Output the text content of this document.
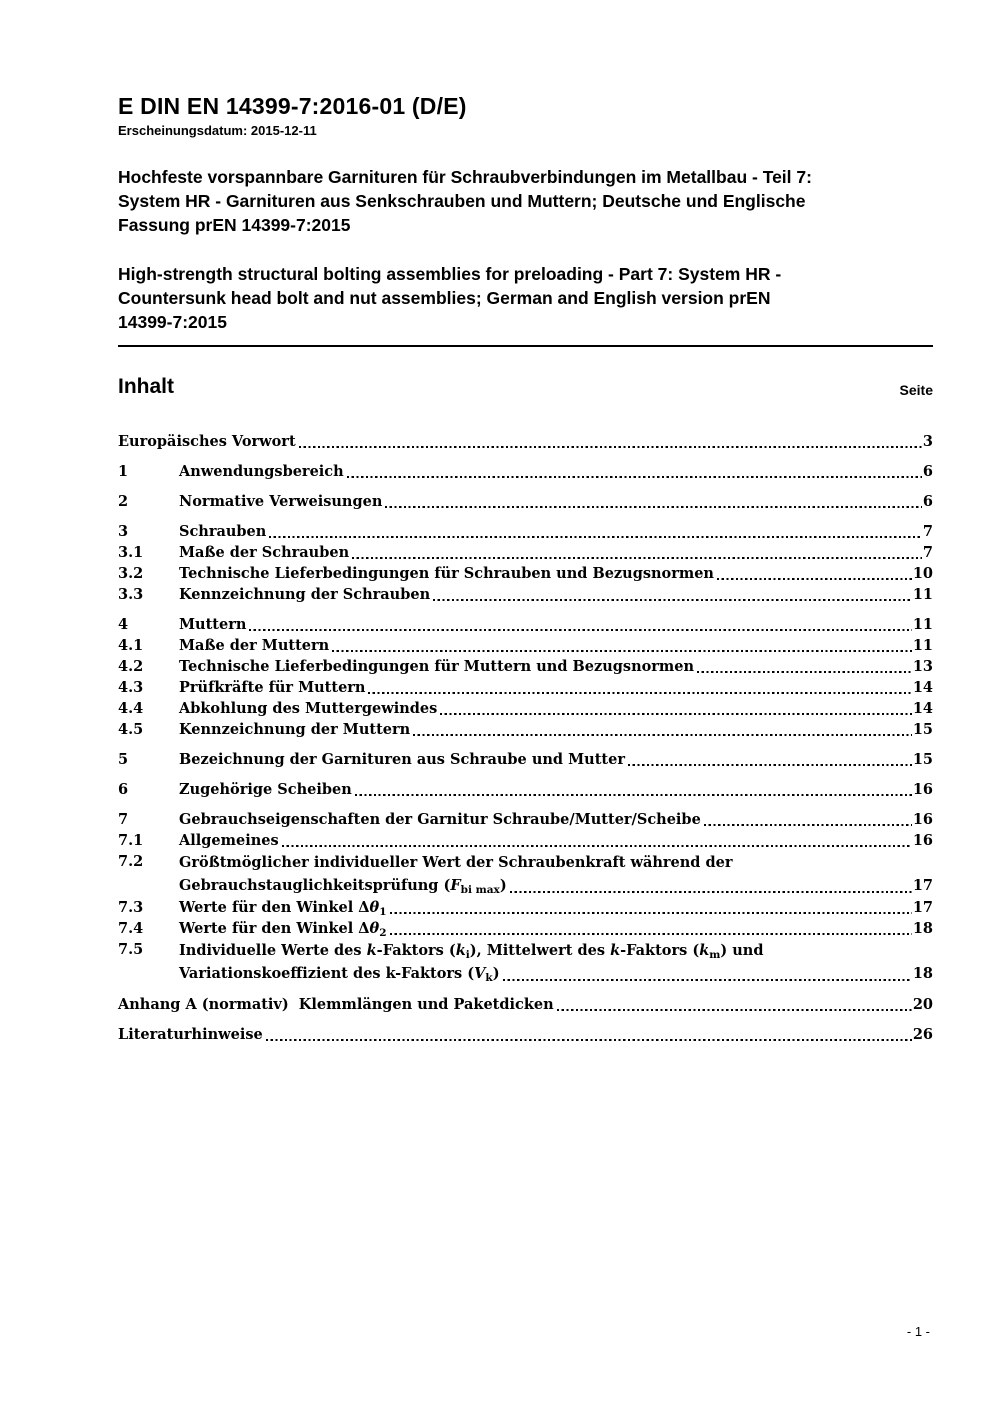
E DIN EN 14399-7:2016-01 (D/E)
Erscheinungsdatum: 2015-12-11
Hochfeste vorspannbare Garnituren für Schraubverbindungen im Metallbau - Teil 7:
System HR - Garnituren aus Senkschrauben und Muttern; Deutsche und Englische
Fassung prEN 14399-7:2015
High-strength structural bolting assemblies for preloading - Part 7: System HR -
Countersunk head bolt and nut assemblies; German and English version prEN
14399-7:2015
Inhalt	Seite
Europäisches Vorwort	3
1	Anwendungsbereich	6
2	Normative Verweisungen	6
3	Schrauben	7
3.1	Maße der Schrauben	7
3.2	Technische Lieferbedingungen für Schrauben und Bezugsnormen	10
3.3	Kennzeichnung der Schrauben	11
4	Muttern	11
4.1	Maße der Muttern	11
4.2	Technische Lieferbedingungen für Muttern und Bezugsnormen	13
4.3	Prüfkräfte für Muttern	14
4.4	Abkohlung des Muttergewindes	14
4.5	Kennzeichnung der Muttern	15
5	Bezeichnung der Garnituren aus Schraube und Mutter	15
6	Zugehörige Scheiben	16
7	Gebrauchseigenschaften der Garnitur Schraube/Mutter/Scheibe	16
7.1	Allgemeines	16
7.2	Größtmöglicher individueller Wert der Schraubenkraft während der
Gebrauchstauglichkeitsprüfung $(F_{bi max})$	17
7.3	Werte für den Winkel $\Delta\theta_1$	17
7.4	Werte für den Winkel $\Delta\theta_2$	18
7.5	Individuelle Werte des k-Faktors $(k_i)$, Mittelwert des k-Faktors $(k_m)$ und
Variationskoeffizient des k-Faktors $(V_k)$	18
Anhang A (normativ)  Klemmlängen und Paketdicken	20
Literaturhinweise	26
- 1 -
